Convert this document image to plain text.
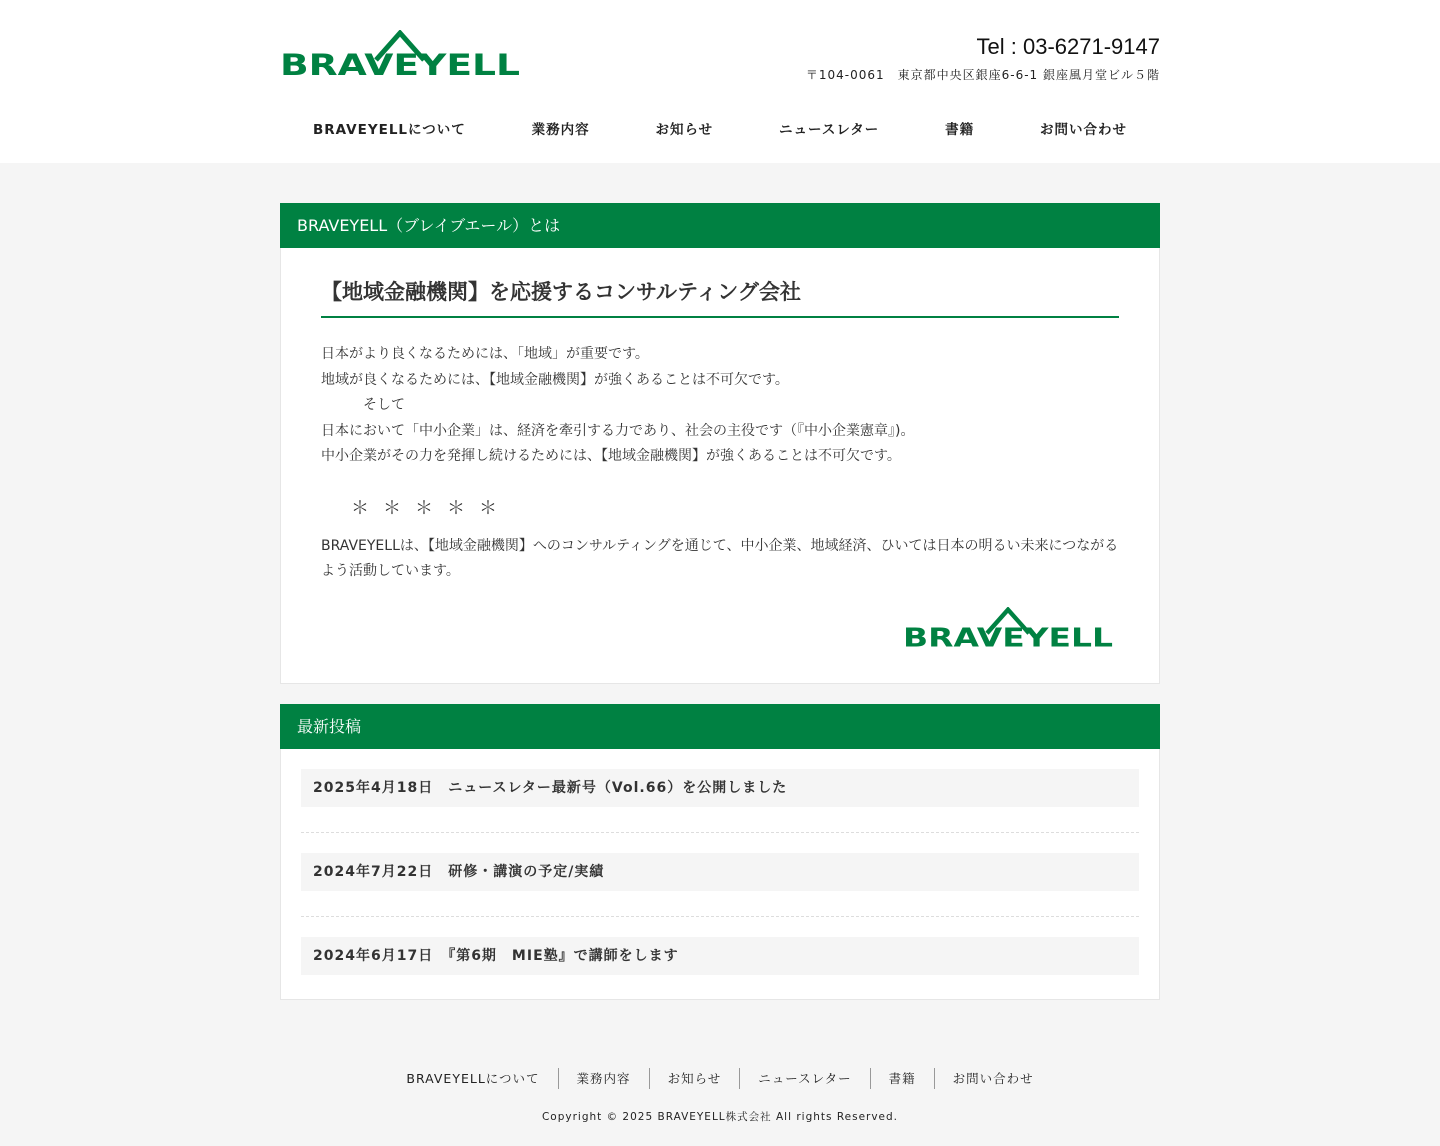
BRAVEYELL
Tel : 03-6271-9147
〒104-0061　東京都中央区銀座6-6-1 銀座風月堂ビル５階
BRAVEYELLについて	業務内容	お知らせ	ニュースレター	書籍	お問い合わせ
BRAVEYELL（ブレイブエール）とは
【地域金融機関】を応援するコンサルティング会社

日本がより良くなるためには、「地域」が重要です。
地域が良くなるためには、【地域金融機関】が強くあることは不可欠です。
　　　そして
日本において「中小企業」は、経済を牽引する力であり、社会の主役です（『中小企業憲章』)。
中小企業がその力を発揮し続けるためには、【地域金融機関】が強くあることは不可欠です。

＊＊＊＊＊

BRAVEYELLは、【地域金融機関】へのコンサルティングを通じて、中小企業、地域経済、ひいては日本の明るい未来につながるよう活動しています。

BRAVEYELL
最新投稿
2025年4月18日　ニュースレター最新号（Vol.66）を公開しました
2024年7月22日　研修・講演の予定/実績
2024年6月17日　『第6期　MIE塾』で講師をします
BRAVEYELLについて	業務内容	お知らせ	ニュースレター	書籍	お問い合わせ
Copyright © 2025 BRAVEYELL株式会社 All rights Reserved.
